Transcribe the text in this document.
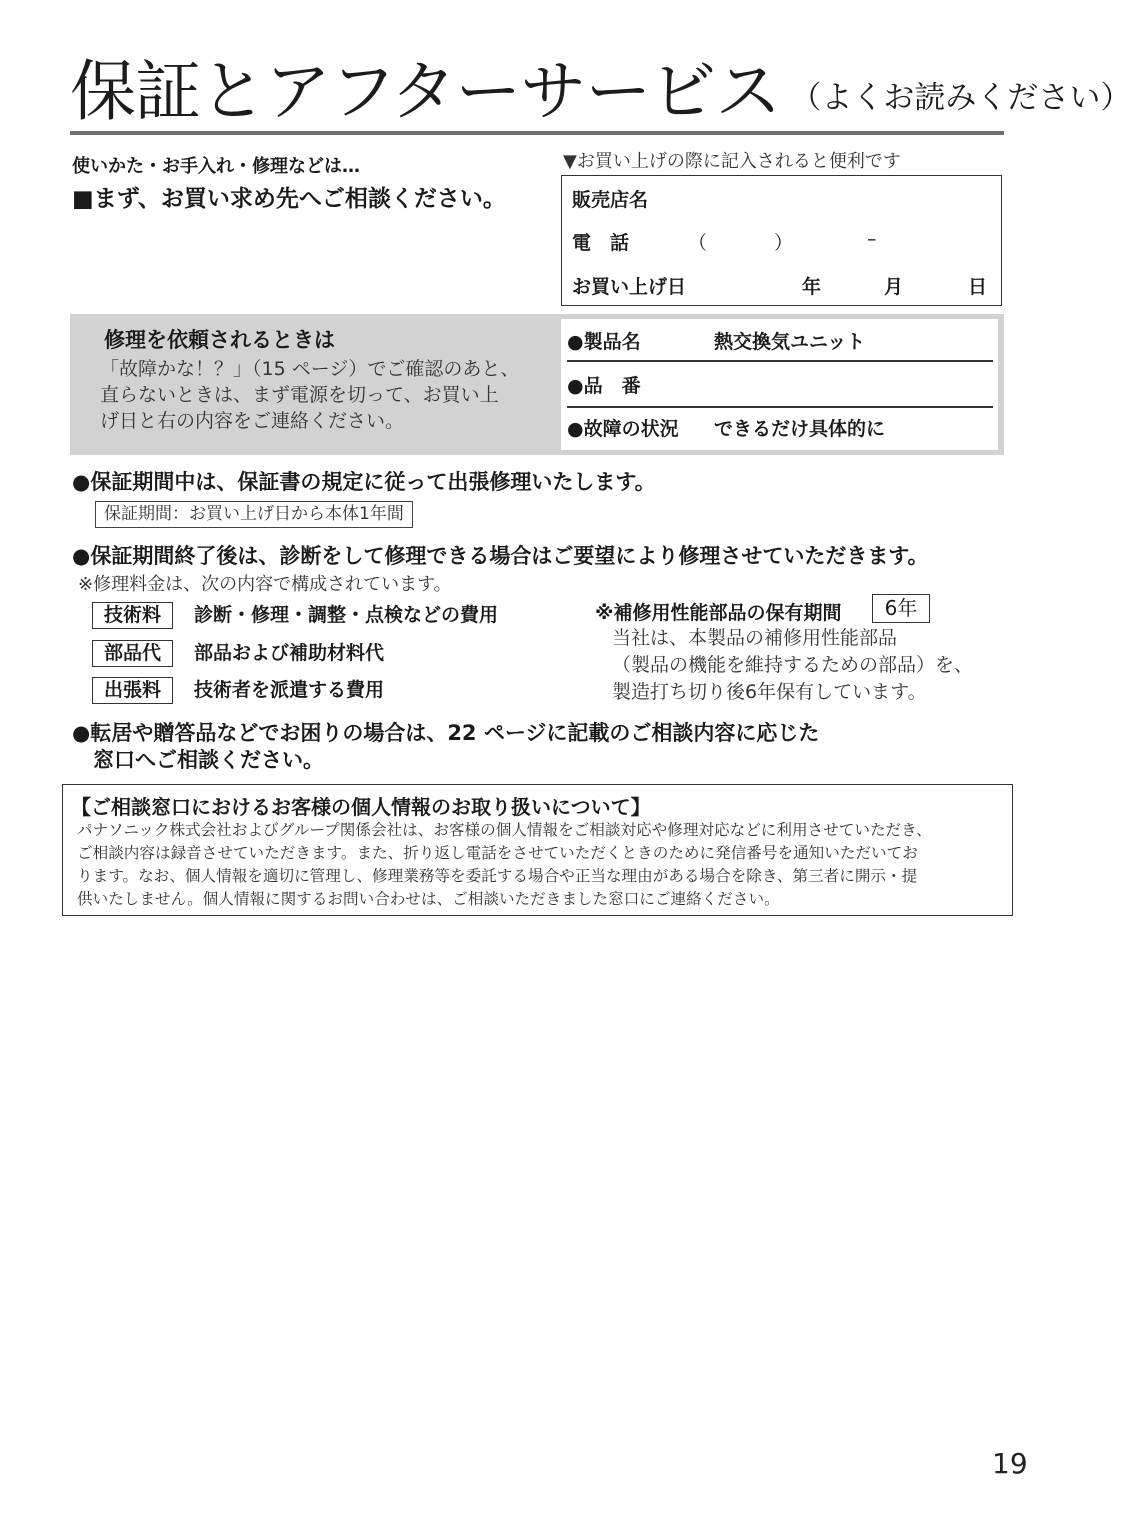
保証とアフターサービス （よくお読みください）
使いかた・お手入れ・修理などは…
■まず、お買い求め先へご相談ください。
▼お買い上げの際に記入されると便利です
販売店名
電　話	（	）	–
お買い上げ日	年	月	日
修理を依頼されるときは
「故障かな！？」（15 ページ）でご確認のあと、
直らないときは、まず電源を切って、お買い上
げ日と右の内容をご連絡ください。
●製品名	熱交換気ユニット
●品　番
●故障の状況 できるだけ具体的に
●保証期間中は、保証書の規定に従って出張修理いたします。
保証期間：お買い上げ日から本体1年間
●保証期間終了後は、診断をして修理できる場合はご要望により修理させていただきます。
※修理料金は、次の内容で構成されています。
技術料	診断・修理・調整・点検などの費用
部品代	部品および補助材料代
出張料	技術者を派遣する費用
※補修用性能部品の保有期間	6年
当社は、本製品の補修用性能部品
（製品の機能を維持するための部品）を、
製造打ち切り後6年保有しています。
●転居や贈答品などでお困りの場合は、22 ページに記載のご相談内容に応じた
　窓口へご相談ください。
【ご相談窓口におけるお客様の個人情報のお取り扱いについて】
パナソニック株式会社およびグループ関係会社は、お客様の個人情報をご相談対応や修理対応などに利用させていただき、
ご相談内容は録音させていただきます。また、折り返し電話をさせていただくときのために発信番号を通知いただいてお
ります。なお、個人情報を適切に管理し、修理業務等を委託する場合や正当な理由がある場合を除き、第三者に開示・提
供いたしません。個人情報に関するお問い合わせは、ご相談いただきました窓口にご連絡ください。
19
